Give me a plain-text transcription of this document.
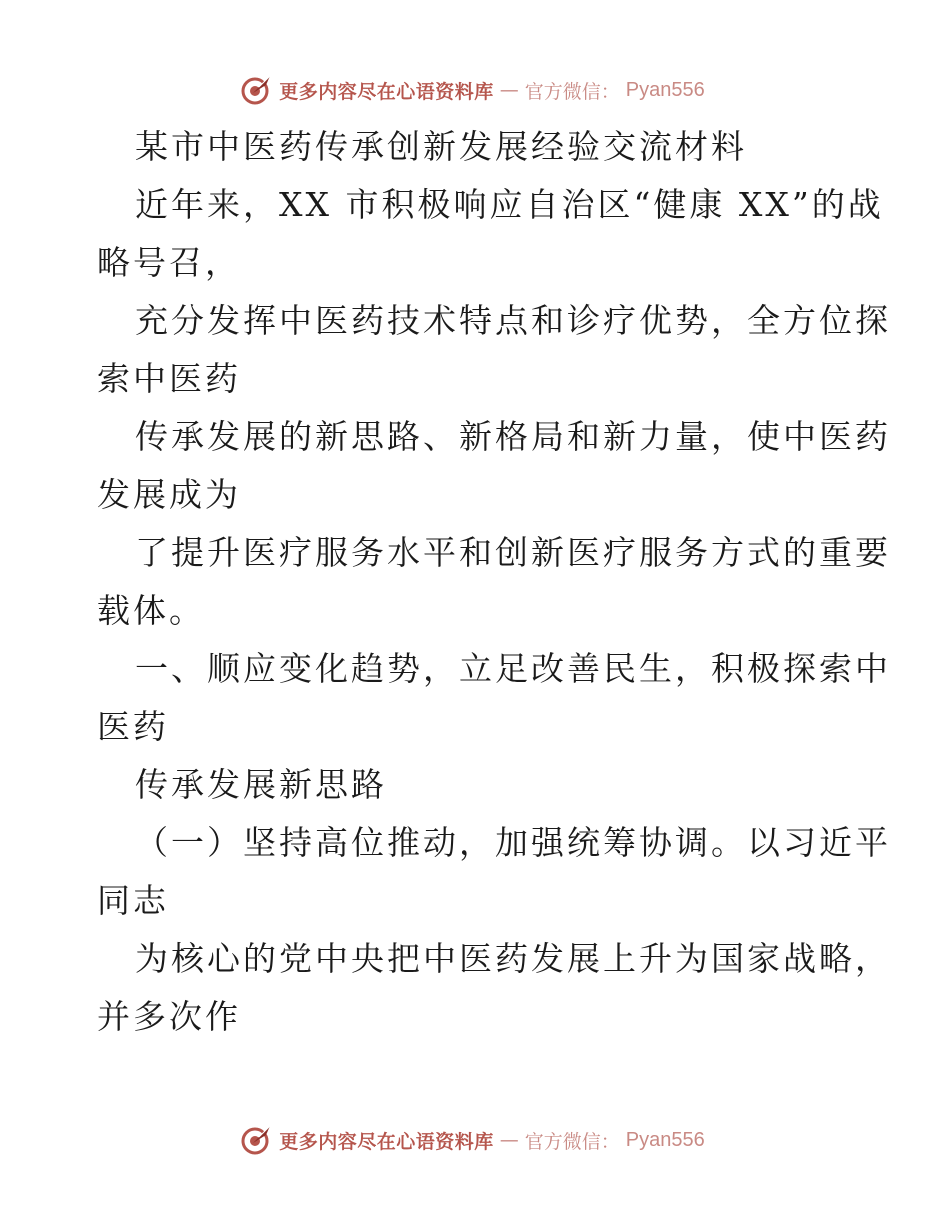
更多内容尽在心语资料库 — 官方微信： Pyan556
某市中医药传承创新发展经验交流材料
近年来，XX 市积极响应自治区“健康 XX”的战
略号召，
充分发挥中医药技术特点和诊疗优势，全方位探
索中医药
传承发展的新思路、新格局和新力量，使中医药
发展成为
了提升医疗服务水平和创新医疗服务方式的重要
载体。
一、顺应变化趋势，立足改善民生，积极探索中
医药
传承发展新思路
（一）坚持高位推动，加强统筹协调。以习近平
同志
为核心的党中央把中医药发展上升为国家战略，
并多次作
更多内容尽在心语资料库 — 官方微信： Pyan556
